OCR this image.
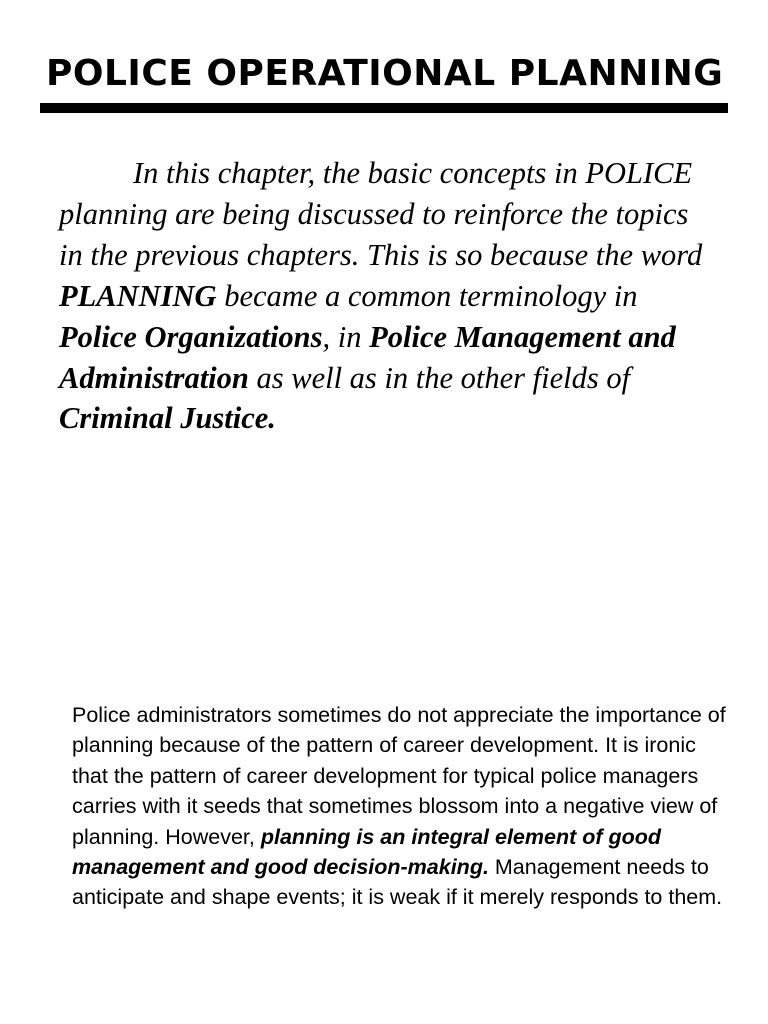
POLICE OPERATIONAL PLANNING

In this chapter, the basic concepts in POLICE planning are being discussed to reinforce the topics in the previous chapters. This is so because the word PLANNING became a common terminology in Police Organizations, in Police Management and Administration as well as in the other fields of Criminal Justice.

Police administrators sometimes do not appreciate the importance of planning because of the pattern of career development. It is ironic that the pattern of career development for typical police managers carries with it seeds that sometimes blossom into a negative view of planning. However, planning is an integral element of good management and good decision-making. Management needs to anticipate and shape events; it is weak if it merely responds to them.
